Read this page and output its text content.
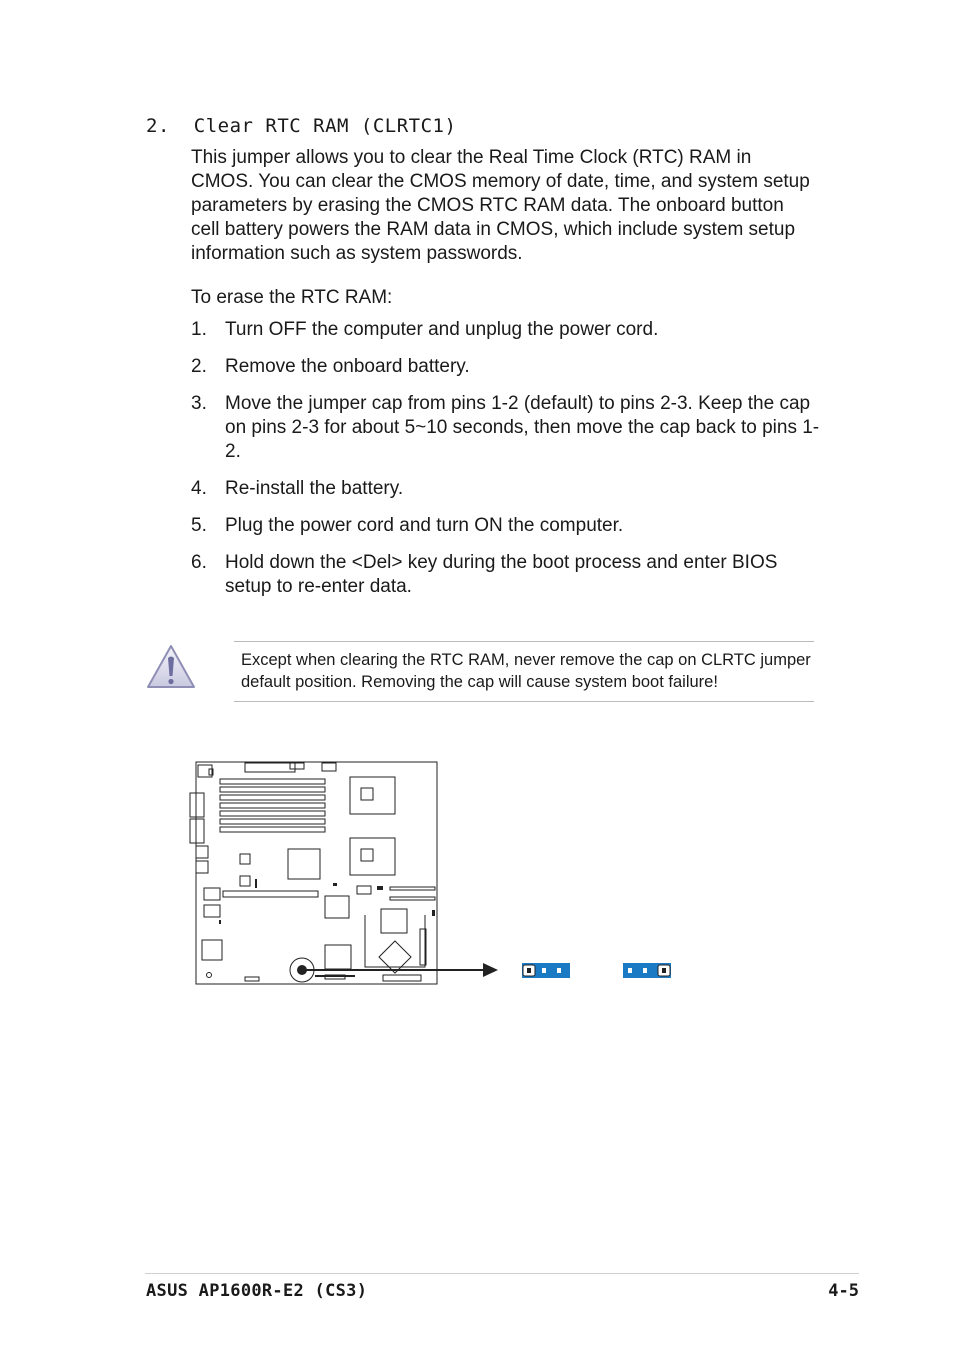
2. Clear RTC RAM (CLRTC1)
This jumper allows you to clear the Real Time Clock (RTC) RAM in CMOS. You can clear the CMOS memory of date, time, and system setup parameters by erasing the CMOS RTC RAM data. The onboard button cell battery powers the RAM data in CMOS, which include system setup information such as system passwords.
To erase the RTC RAM:
1. Turn OFF the computer and unplug the power cord.
2. Remove the onboard battery.
3. Move the jumper cap from pins 1-2 (default) to pins 2-3. Keep the cap on pins 2-3 for about 5~10 seconds, then move the cap back to pins 1-2.
4. Re-install the battery.
5. Plug the power cord and turn ON the computer.
6. Hold down the <Del> key during the boot process and enter BIOS setup to re-enter data.
Except when clearing the RTC RAM, never remove the cap on CLRTC jumper default position. Removing the cap will cause system boot failure!
ASUS AP1600R-E2 (CS3)	4-5
